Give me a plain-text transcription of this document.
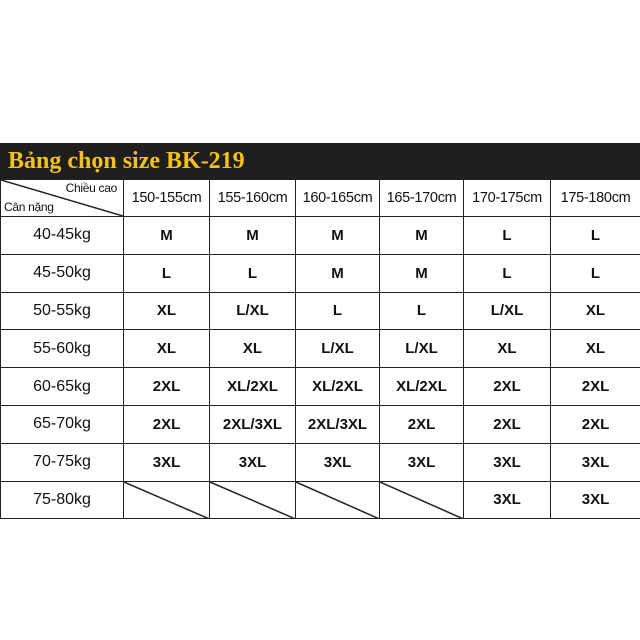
Bảng chọn size BK-219
Chiều cao
Cân nặng	150-155cm	155-160cm	160-165cm	165-170cm	170-175cm	175-180cm
40-45kg	M	M	M	M	L	L
45-50kg	L	L	M	M	L	L
50-55kg	XL	L/XL	L	L	L/XL	XL
55-60kg	XL	XL	L/XL	L/XL	XL	XL
60-65kg	2XL	XL/2XL	XL/2XL	XL/2XL	2XL	2XL
65-70kg	2XL	2XL/3XL	2XL/3XL	2XL	2XL	2XL
70-75kg	3XL	3XL	3XL	3XL	3XL	3XL
75-80kg					3XL	3XL
